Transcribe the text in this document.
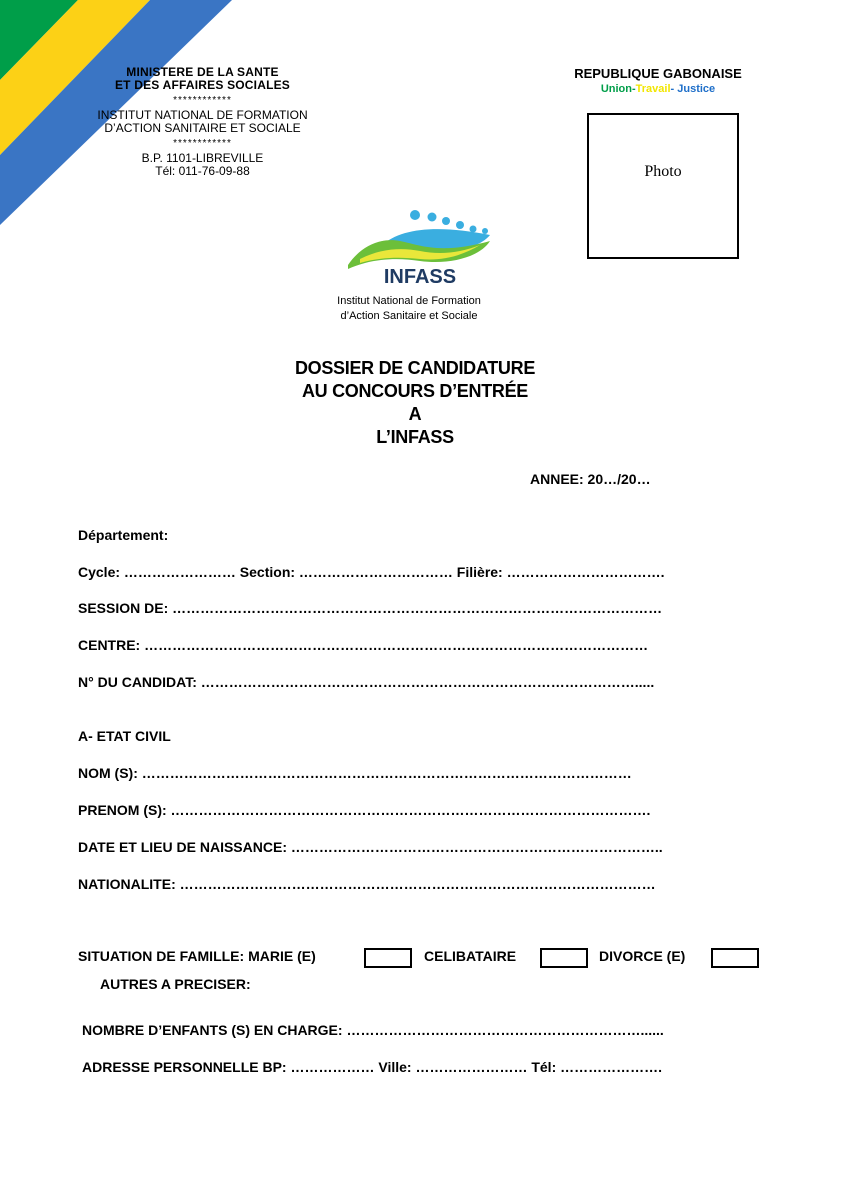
MINISTERE DE LA SANTE
ET DES AFFAIRES SOCIALES
************
INSTITUT NATIONAL DE FORMATION
D’ACTION SANITAIRE ET SOCIALE
************
B.P. 1101-LIBREVILLE
Tél: 011-76-09-88
REPUBLIQUE GABONAISE
Union-Travail- Justice
Photo
INFASS
Institut National de Formation
d’Action Sanitaire et Sociale
DOSSIER DE CANDIDATURE
AU CONCOURS D’ENTRÉE
A
L’INFASS
ANNEE: 20…/20…
Département:
Cycle: …………………… Section: …………………………… Filière: …………………………….
SESSION DE: ……………………………………………………………………………………………
CENTRE: ………………………………………………………………………………………………
N° DU CANDIDAT: ………………………………………………………………………………….....
A- ETAT CIVIL
NOM (S): ……………………………………………………………………………………………
PRENOM (S): ………………………………………………………………………………………….
DATE ET LIEU DE NAISSANCE: ……………………………………………………………………..
NATIONALITE: …………………………………………………………………………………………
SITUATION DE FAMILLE: MARIE (E)	CELIBATAIRE	DIVORCE (E)
AUTRES A PRECISER:
NOMBRE D’ENFANTS (S) EN CHARGE: ………………………………………………………......
ADRESSE PERSONNELLE BP: ……………… Ville: …………………… Tél: ………………….
